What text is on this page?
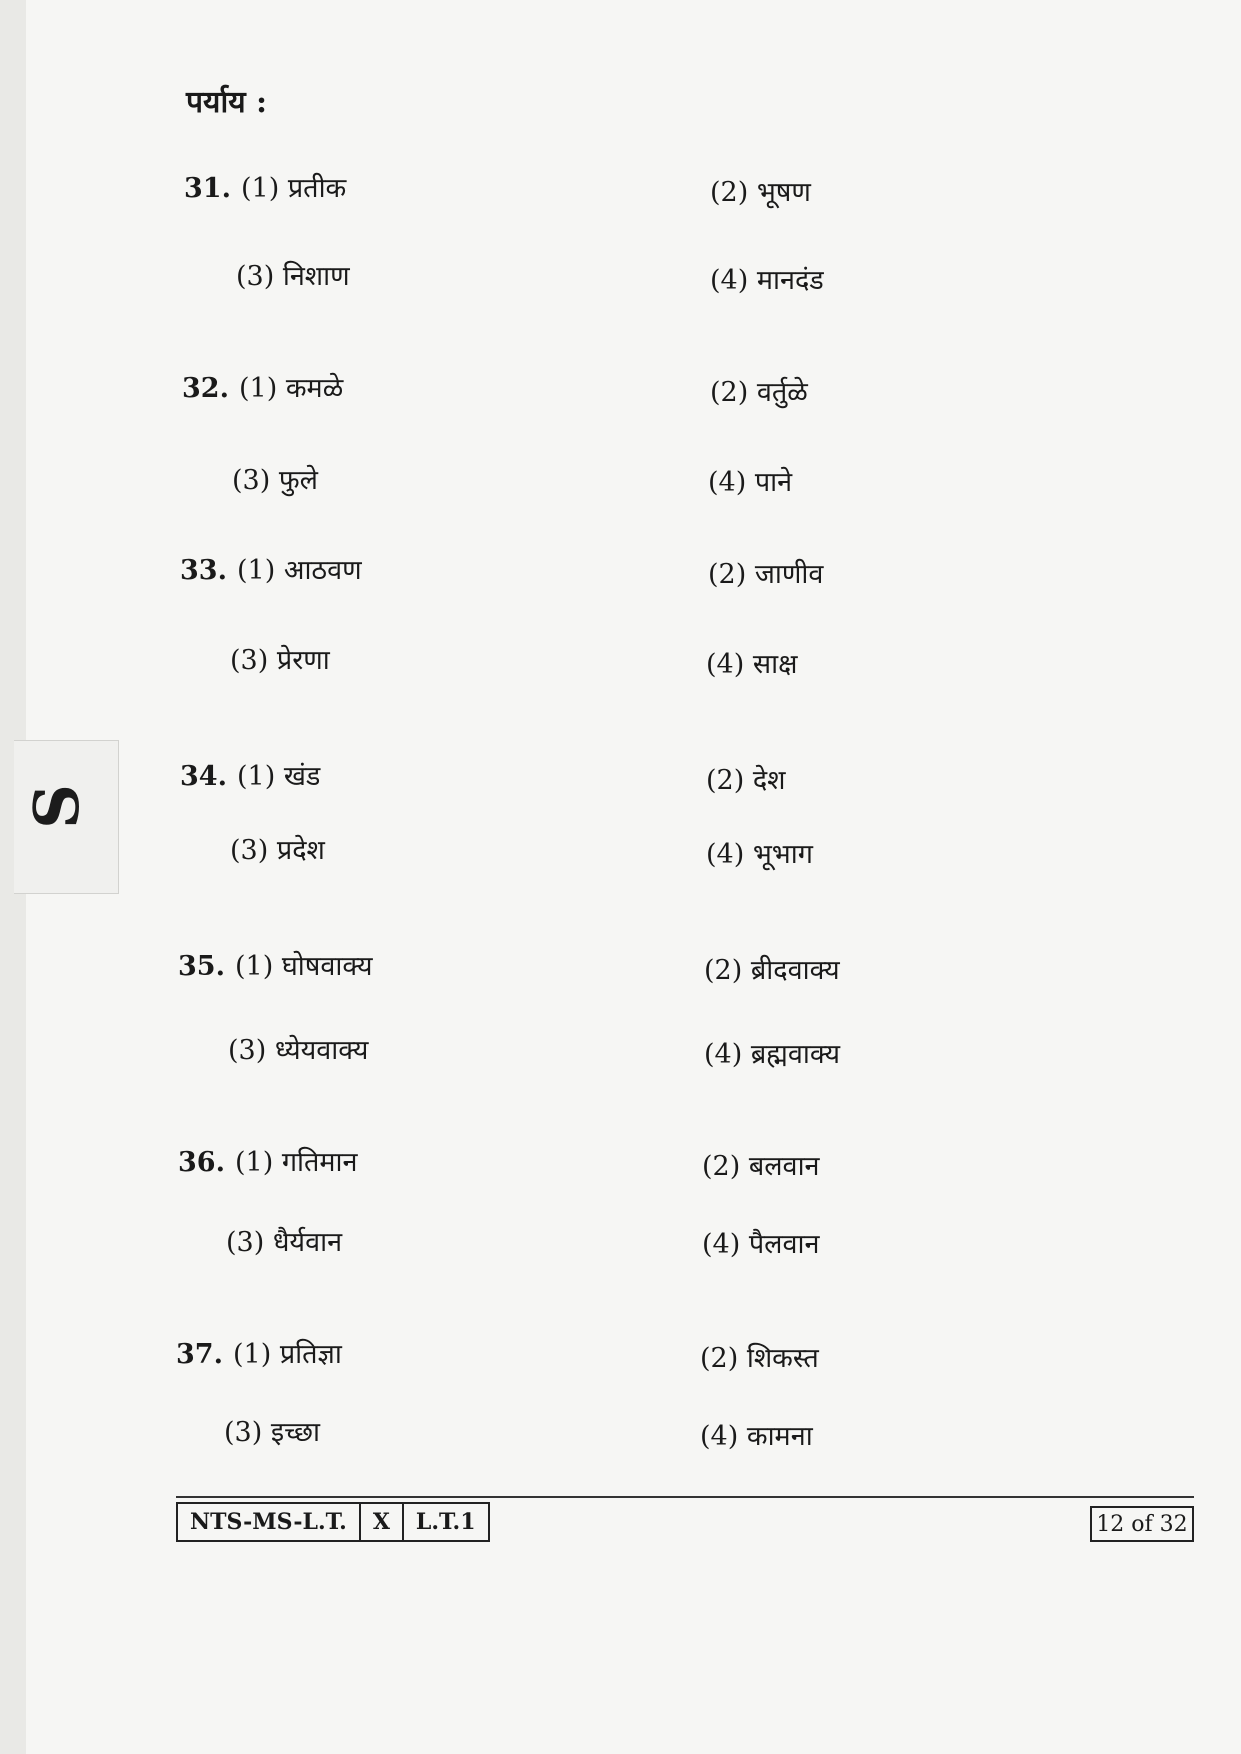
S
पर्याय :
31. (1) प्रतीक	(2) भूषण
(3) निशाण	(4) मानदंड
32. (1) कमळे	(2) वर्तुळे
(3) फुले	(4) पाने
33. (1) आठवण	(2) जाणीव
(3) प्रेरणा	(4) साक्ष
34. (1) खंड	(2) देश
(3) प्रदेश	(4) भूभाग
35. (1) घोषवाक्य	(2) ब्रीदवाक्य
(3) ध्येयवाक्य	(4) ब्रह्मवाक्य
36. (1) गतिमान	(2) बलवान
(3) धैर्यवान	(4) पैलवान
37. (1) प्रतिज्ञा	(2) शिकस्त
(3) इच्छा	(4) कामना
NTS-MS-L.T.	X	L.T.1	12 of 32
